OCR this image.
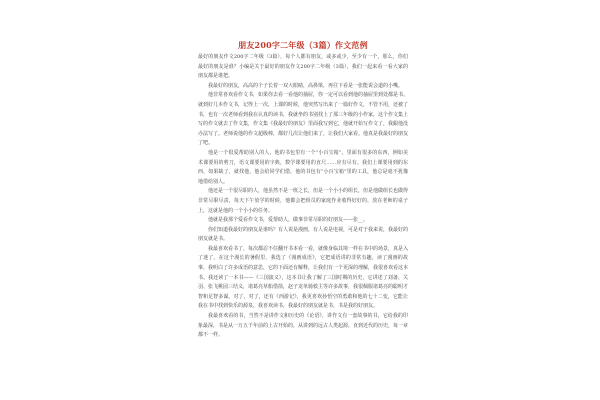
朋友200字二年级（3篇）作文范例

最好的朋友作文200字二年级（3篇），每个人都有朋友，或多或少，至少有一个，那么，你们最好的朋友是谁？小编是关于最好的朋友作文200字二年级（3篇），我们一起来看一看大家的朋友都是谁把。

我最好的朋友，高高的个子长着一双大眼睛，高鼻梁，再往下看是一张能说会道的小嘴。

他非常喜欢看作文书，如果你去看一看他的抽屉，你一定可以看到他的抽屉里到处都是书。就到好几本作文书，记得上一次，上课的时候，他突然写出来了一篇好作文，不管不用，还被了书，也有一次老师看到我在认真的读书，我就坐的书别找上了那三年级的小作家，这个作文集上写的作文就去了作文集，作文集《我最好的朋友》里面我写到它，他就开始写作文了，我跟他没办法写了。老师说他的作文超级棒，都好几次让他们来了，让我们大家看。他真是我最好的朋友了吧。

他是一个很爱帮助别人的人，他的书包里有一个“小百宝箱”，里面有很多的东西，例如美术课要用的剪刀，语文课要用的字典，数学课要用的直尺……应有尽有。我们上课要用到的东西，如果缺了，就找他，他会给同学们借，他的书包有“小百宝箱”里的工具，他总是毫不犹豫地借给别人。

他还是一个很尽职的人，他虽然不是一班之长，但是一个小小的组长，但是他做组长也做得非常尽职尽责，每天下午放学的时候，他都会把组员的家庭作业收得好好的，放在老师的桌子上，这就是他的一个小小的任务。

他就是我那个爱看作文书，爱帮助人，做事非常尽职的好朋友——张__。

你们知道我最好的朋友是谁吗？有人说是漫画，有人说是电视，可是对于我来说，我最好的朋友就是书。

我最喜欢看书了，每次都忍不住翻开书本看一看，就像身临其境一样在书中的场景，真是入了迷了。在这个漫长的暑假里，我选了《漫画成语》，它把成语讲的非常有趣，读了漫画的故事，我明白了许多成语的意思，它的下面还有解释，让我们有一个更深的理解，我很喜欢看这本书。我还读了一本书——《三国演义》，这本书让我了解了三国时期的历史，它讲述了刘备、关羽、张飞桃园三结义，诸葛亮草船借箭，赵子龙单骑救主等许多故事，我很佩服诸葛亮的聪明才智和足智多谋。对了，对了，还有《西游记》，我更喜欢孙悟空的勇敢和他的七十二变，它能让我在书中找到快乐的源泉，我喜欢读书，我最好的朋友就是书，书是我的好朋友。

我最喜欢看的书，当然不是讲作文和历史的《论语》，讲作文有一套故事的书，它给我的印象最深，书是从一万五千年前的上古开始的，从讲到的远古人类起源，直到近代的历史，每一章都不一样。
